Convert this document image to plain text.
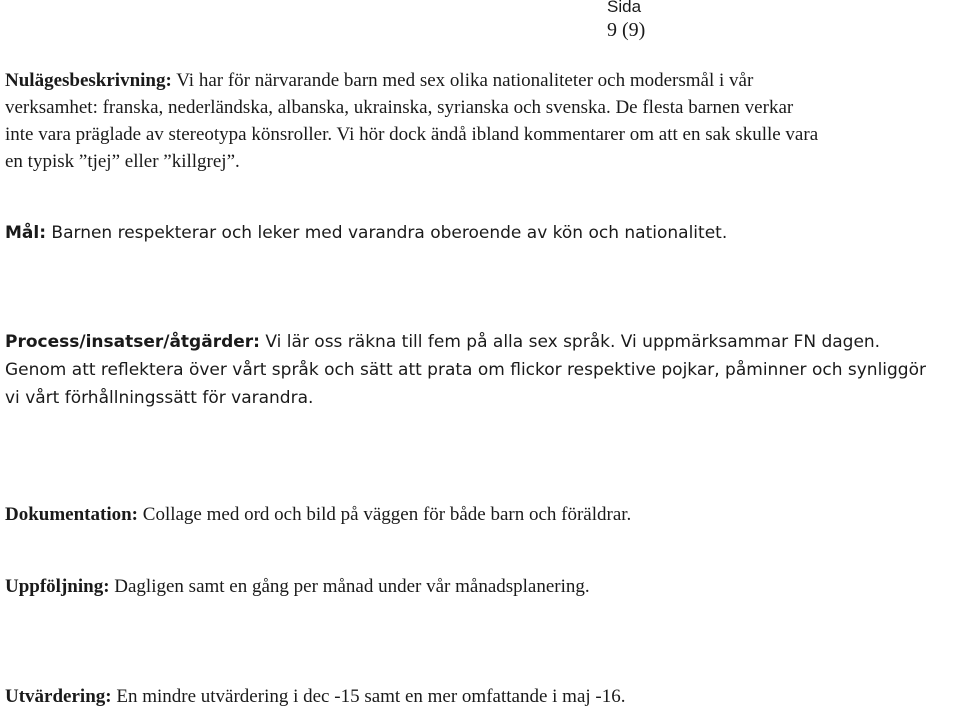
Sida
9 (9)
Nulägesbeskrivning: Vi har för närvarande barn med sex olika nationaliteter och modersmål i vår
verksamhet: franska, nederländska, albanska, ukrainska, syrianska och svenska. De flesta barnen verkar
inte vara präglade av stereotypa könsroller. Vi hör dock ändå ibland kommentarer om att en sak skulle vara
en typisk ”tjej” eller ”killgrej”.
Mål: Barnen respekterar och leker med varandra oberoende av kön och nationalitet.
Process/insatser/åtgärder: Vi lär oss räkna till fem på alla sex språk. Vi uppmärksammar FN dagen.
Genom att reflektera över vårt språk och sätt att prata om flickor respektive pojkar, påminner och synliggör
vi vårt förhållningssätt för varandra.
Dokumentation: Collage med ord och bild på väggen för både barn och föräldrar.
Uppföljning: Dagligen samt en gång per månad under vår månadsplanering.
Utvärdering: En mindre utvärdering i dec -15 samt en mer omfattande i maj -16.
